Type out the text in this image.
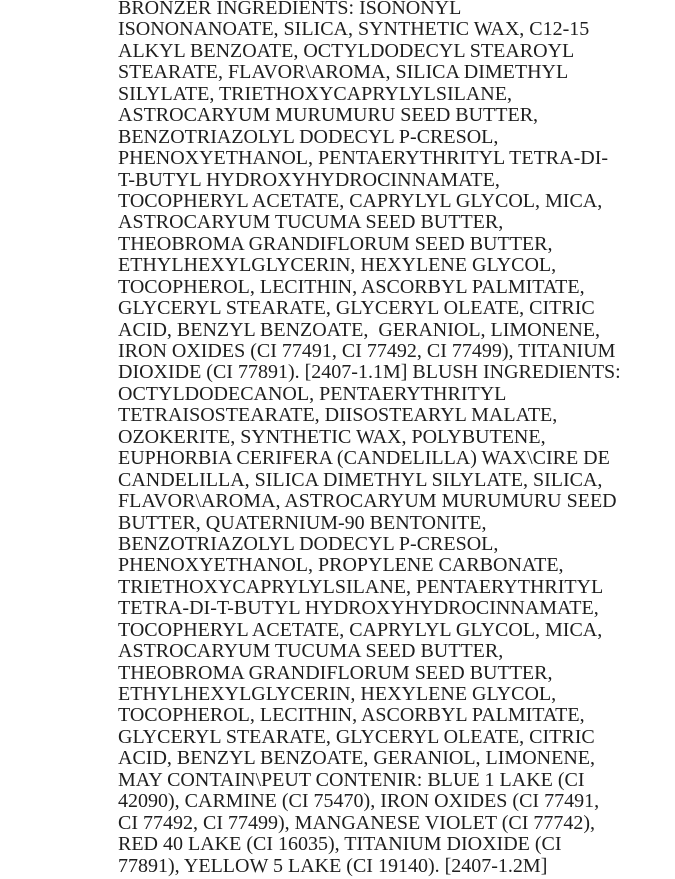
BRONZER INGREDIENTS: ISONONYL
ISONONANOATE, SILICA, SYNTHETIC WAX, C12-15
ALKYL BENZOATE, OCTYLDODECYL STEAROYL
STEARATE, FLAVOR\AROMA, SILICA DIMETHYL
SILYLATE, TRIETHOXYCAPRYLYLSILANE,
ASTROCARYUM MURUMURU SEED BUTTER,
BENZOTRIAZOLYL DODECYL P-CRESOL,
PHENOXYETHANOL, PENTAERYTHRITYL TETRA-DI-
T-BUTYL HYDROXYHYDROCINNAMATE,
TOCOPHERYL ACETATE, CAPRYLYL GLYCOL, MICA,
ASTROCARYUM TUCUMA SEED BUTTER,
THEOBROMA GRANDIFLORUM SEED BUTTER,
ETHYLHEXYLGLYCERIN, HEXYLENE GLYCOL,
TOCOPHEROL, LECITHIN, ASCORBYL PALMITATE,
GLYCERYL STEARATE, GLYCERYL OLEATE, CITRIC
ACID, BENZYL BENZOATE,  GERANIOL, LIMONENE,
IRON OXIDES (CI 77491, CI 77492, CI 77499), TITANIUM
DIOXIDE (CI 77891). [2407-1.1M] BLUSH INGREDIENTS:
OCTYLDODECANOL, PENTAERYTHRITYL
TETRAISOSTEARATE, DIISOSTEARYL MALATE,
OZOKERITE, SYNTHETIC WAX, POLYBUTENE,
EUPHORBIA CERIFERA (CANDELILLA) WAX\CIRE DE
CANDELILLA, SILICA DIMETHYL SILYLATE, SILICA,
FLAVOR\AROMA, ASTROCARYUM MURUMURU SEED
BUTTER, QUATERNIUM-90 BENTONITE,
BENZOTRIAZOLYL DODECYL P-CRESOL,
PHENOXYETHANOL, PROPYLENE CARBONATE,
TRIETHOXYCAPRYLYLSILANE, PENTAERYTHRITYL
TETRA-DI-T-BUTYL HYDROXYHYDROCINNAMATE,
TOCOPHERYL ACETATE, CAPRYLYL GLYCOL, MICA,
ASTROCARYUM TUCUMA SEED BUTTER,
THEOBROMA GRANDIFLORUM SEED BUTTER,
ETHYLHEXYLGLYCERIN, HEXYLENE GLYCOL,
TOCOPHEROL, LECITHIN, ASCORBYL PALMITATE,
GLYCERYL STEARATE, GLYCERYL OLEATE, CITRIC
ACID, BENZYL BENZOATE, GERANIOL, LIMONENE,
MAY CONTAIN\PEUT CONTENIR: BLUE 1 LAKE (CI
42090), CARMINE (CI 75470), IRON OXIDES (CI 77491,
CI 77492, CI 77499), MANGANESE VIOLET (CI 77742),
RED 40 LAKE (CI 16035), TITANIUM DIOXIDE (CI
77891), YELLOW 5 LAKE (CI 19140). [2407-1.2M]
